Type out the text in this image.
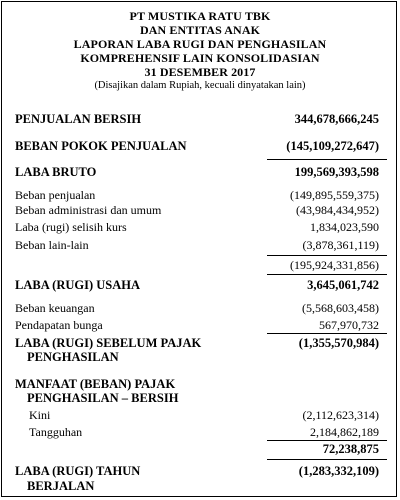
PT MUSTIKA RATU TBK
DAN ENTITAS ANAK
LAPORAN LABA RUGI DAN PENGHASILAN
KOMPREHENSIF LAIN KONSOLIDASIAN
31 DESEMBER 2017
(Disajikan dalam Rupiah, kecuali dinyatakan lain)
PENJUALAN BERSIH	344,678,666,245
BEBAN POKOK PENJUALAN	(145,109,272,647)
LABA BRUTO	199,569,393,598
Beban penjualan	(149,895,559,375)
Beban administrasi dan umum	(43,984,434,952)
Laba (rugi) selisih kurs	1,834,023,590
Beban lain-lain	(3,878,361,119)
(195,924,331,856)
LABA (RUGI) USAHA	3,645,061,742
Beban keuangan	(5,568,603,458)
Pendapatan bunga	567,970,732
LABA (RUGI) SEBELUM PAJAK	(1,355,570,984)
PENGHASILAN
MANFAAT (BEBAN) PAJAK
PENGHASILAN – BERSIH
Kini	(2,112,623,314)
Tangguhan	2,184,862,189
72,238,875
LABA (RUGI) TAHUN	(1,283,332,109)
BERJALAN
